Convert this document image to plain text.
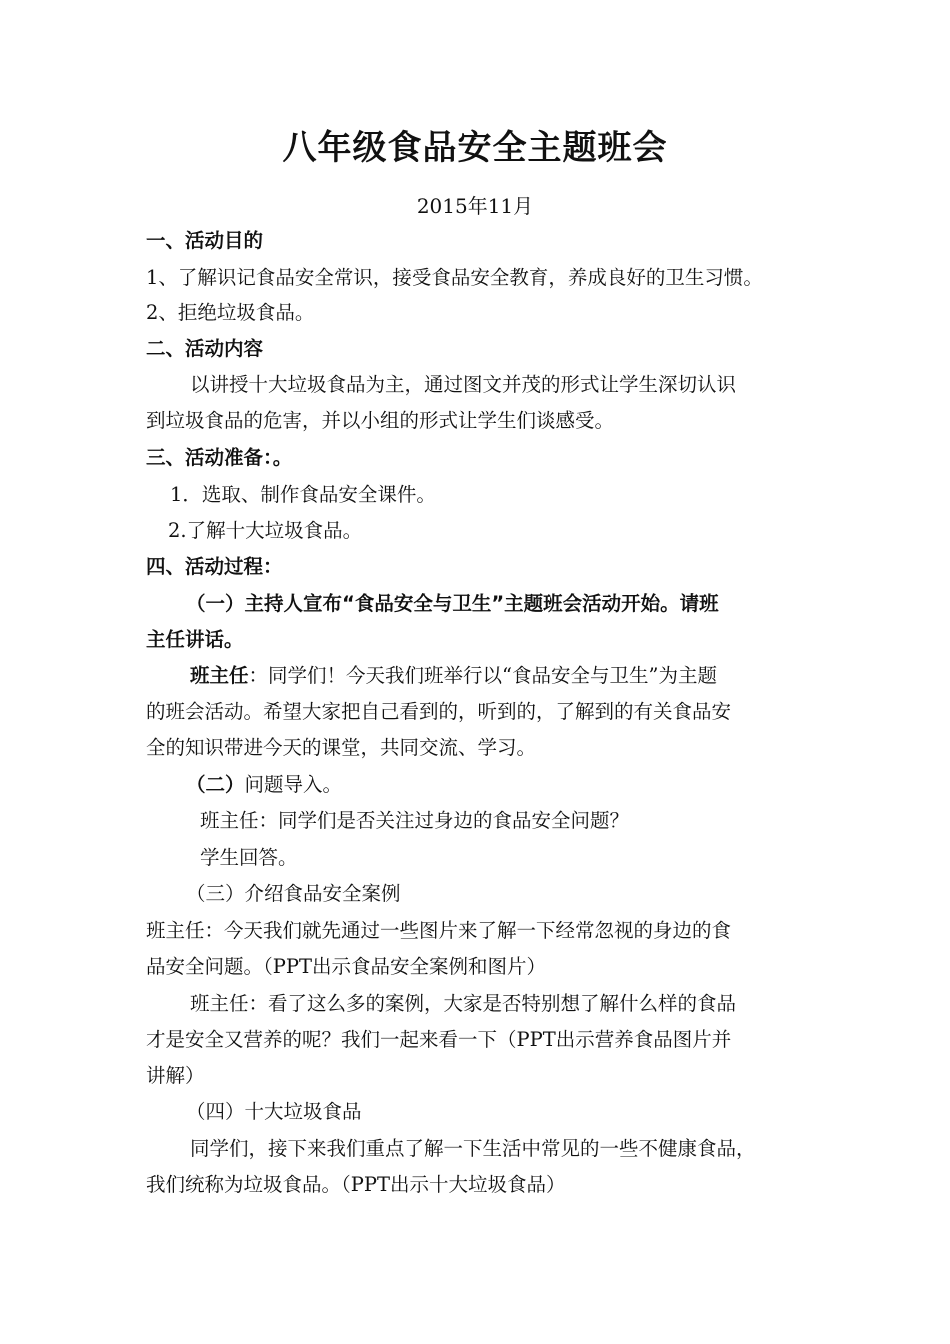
八年级食品安全主题班会
2015年11月
一、活动目的
1、了解识记食品安全常识，接受食品安全教育，养成良好的卫生习惯。
2、拒绝垃圾食品。
二、活动内容
以讲授十大垃圾食品为主，通过图文并茂的形式让学生深切认识
到垃圾食品的危害，并以小组的形式让学生们谈感受。
三、活动准备：。
1．选取、制作食品安全课件。
2.了解十大垃圾食品。
四、活动过程：
（一）主持人宣布“食品安全与卫生”主题班会活动开始。请班
主任讲话。
班主任：同学们！今天我们班举行以“食品安全与卫生”为主题
的班会活动。希望大家把自己看到的，听到的，了解到的有关食品安
全的知识带进今天的课堂，共同交流、学习。
（二）问题导入。
班主任：同学们是否关注过身边的食品安全问题？
学生回答。
（三）介绍食品安全案例
班主任：今天我们就先通过一些图片来了解一下经常忽视的身边的食
品安全问题。（PPT出示食品安全案例和图片）
班主任：看了这么多的案例，大家是否特别想了解什么样的食品
才是安全又营养的呢？我们一起来看一下（PPT出示营养食品图片并
讲解）
（四）十大垃圾食品
同学们，接下来我们重点了解一下生活中常见的一些不健康食品，
我们统称为垃圾食品。（PPT出示十大垃圾食品）
